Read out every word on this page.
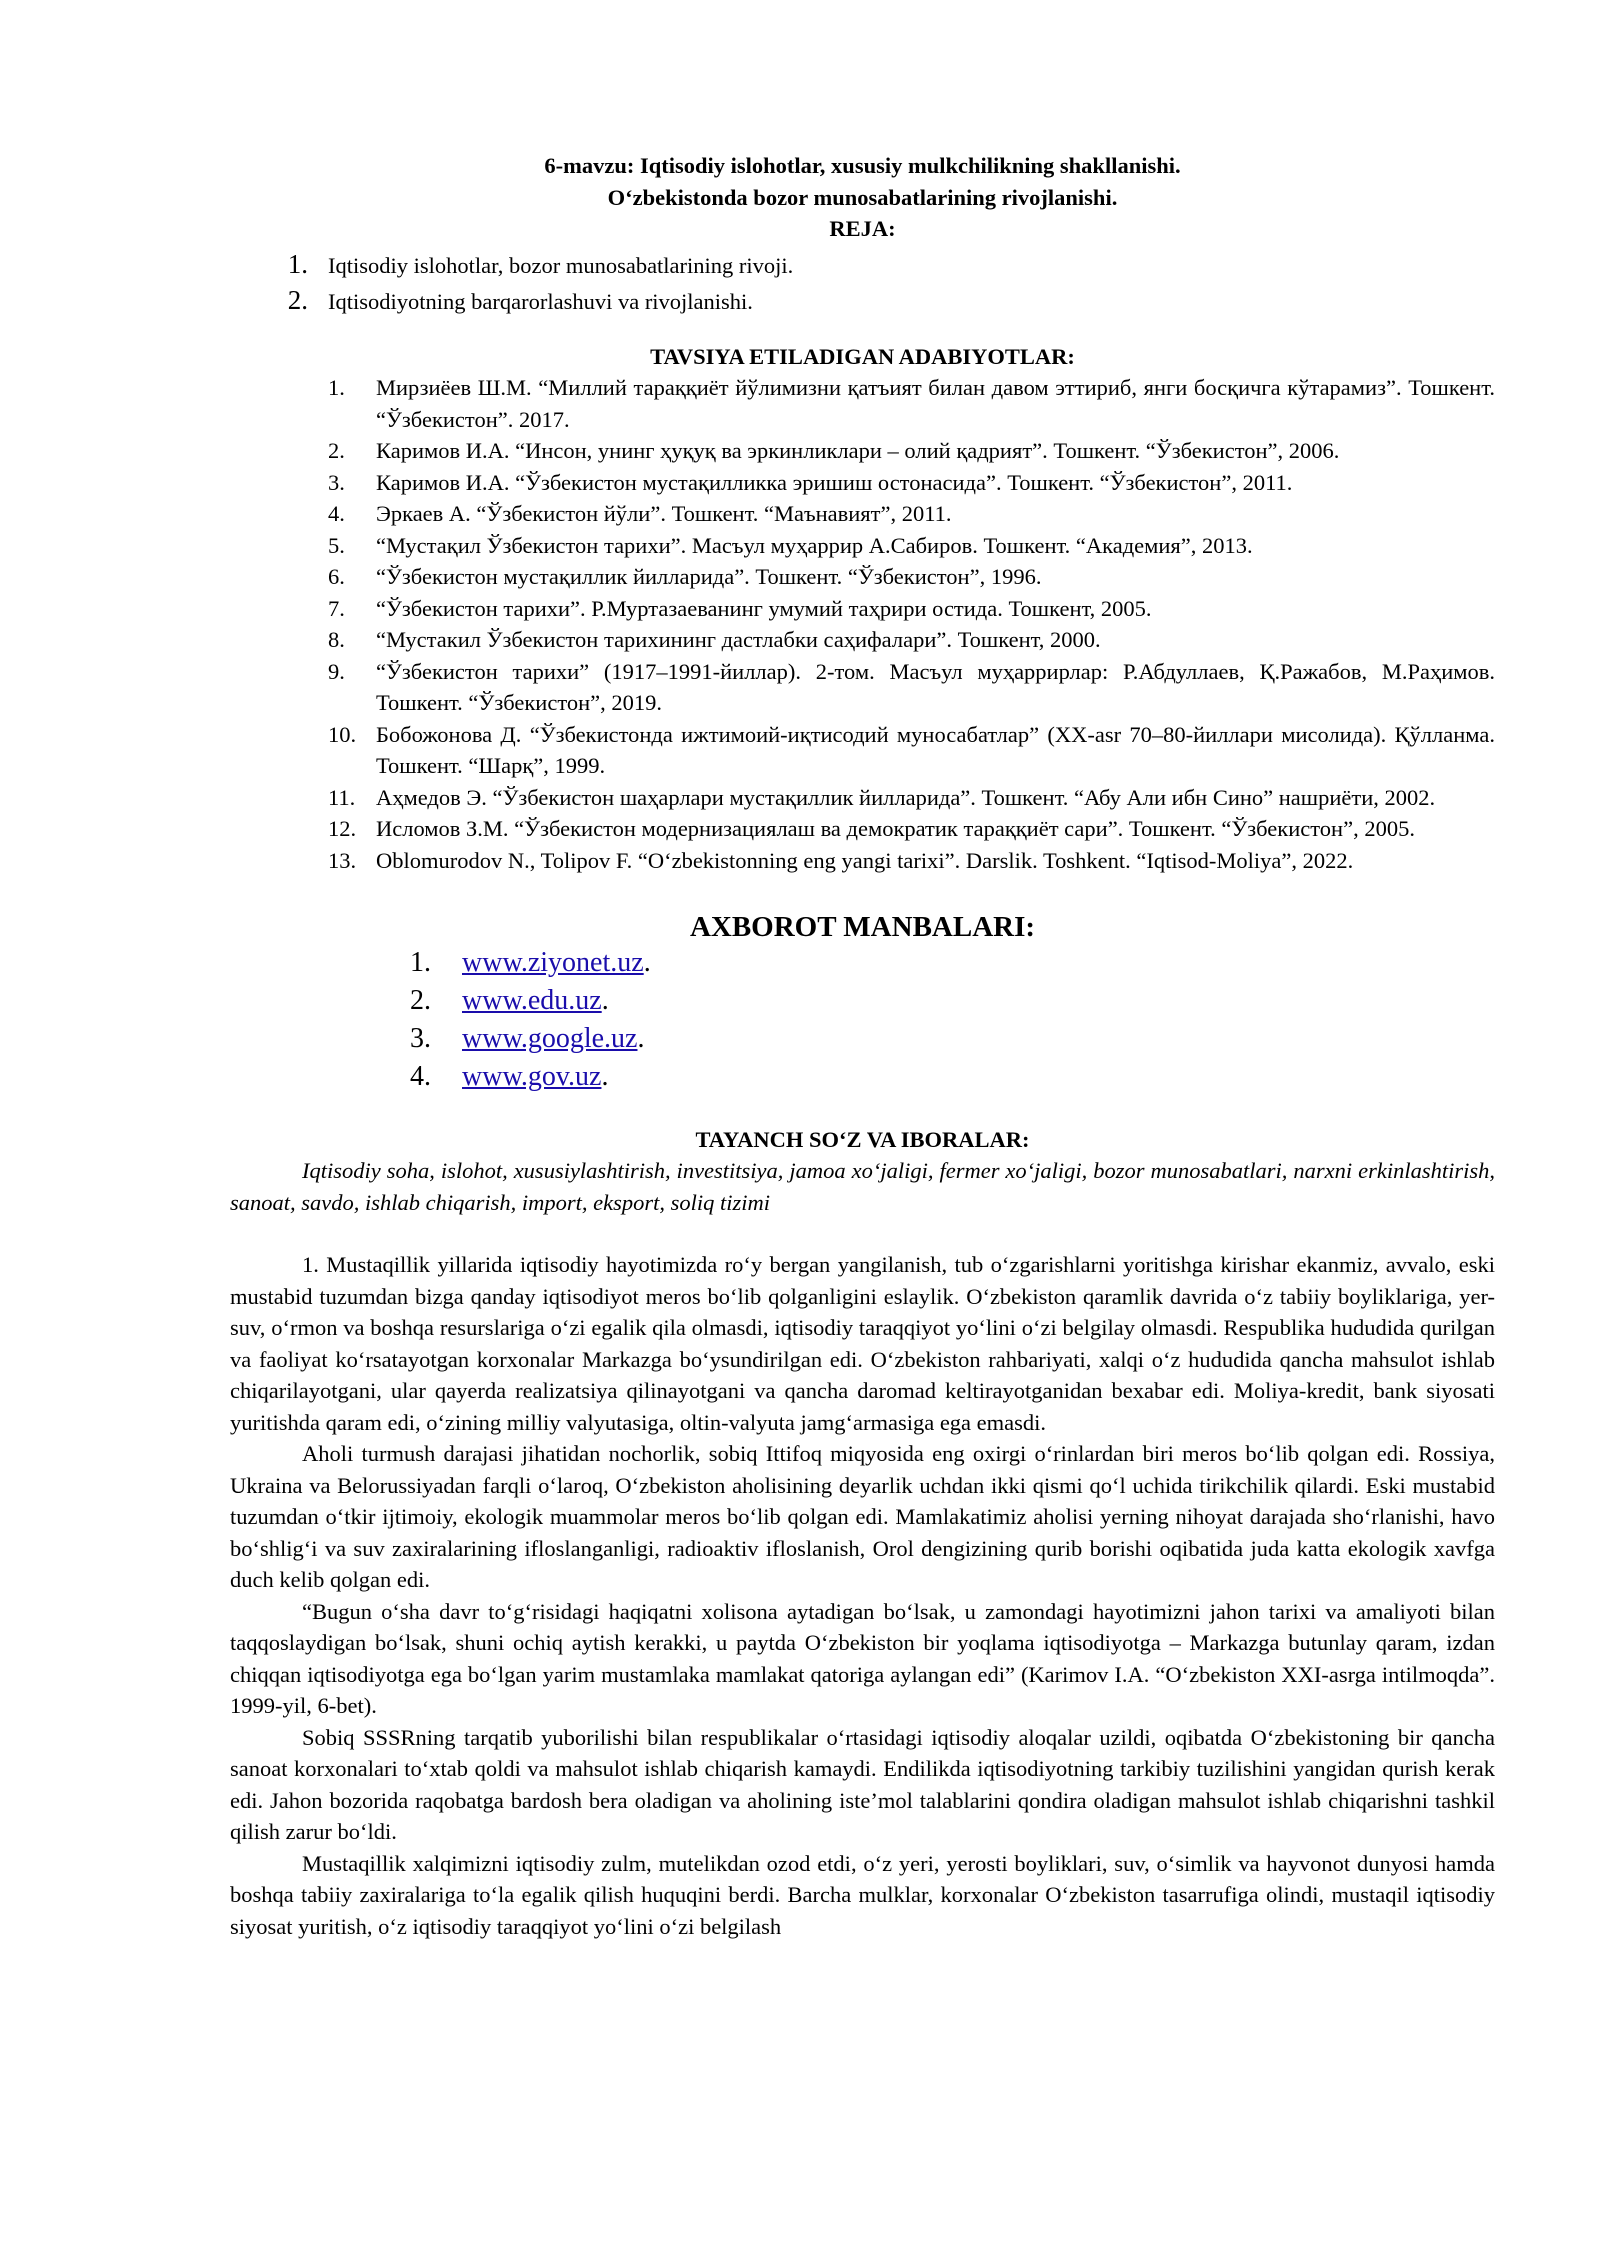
6-mavzu: Iqtisodiy islohotlar, xususiy mulkchilikning shakllanishi.

O‘zbekistonda bozor munosabatlarining rivojlanishi.

REJA:

1. Iqtisodiy islohotlar, bozor munosabatlarining rivoji.
2. Iqtisodiyotning barqarorlashuvi va rivojlanishi.

TAVSIYA ETILADIGAN ADABIYOTLAR:

1.	Мирзиёев Ш.М. “Миллий тараққиёт йўлимизни қатъият билан давом эттириб, янги босқичга кўтарамиз”. Тошкент. “Ўзбекистон”. 2017.
2.	Каримов И.А. “Инсон, унинг ҳуқуқ ва эркинликлари – олий қадрият”. Тошкент. “Ўзбекистон”, 2006.
3.	Каримов И.А. “Ўзбекистон мустақилликка эришиш остонасида”. Тошкент. “Ўзбекистон”, 2011.
4.	Эркаев А. “Ўзбекистон йўли”. Тошкент. “Маънавият”, 2011.
5.	“Мустақил Ўзбекистон тарихи”. Масъул муҳаррир А.Сабиров. Тошкент. “Академия”, 2013.
6.	“Ўзбекистон мустақиллик йилларида”. Тошкент. “Ўзбекистон”, 1996.
7.	“Ўзбекистон тарихи”. Р.Муртазаеванинг умумий таҳрири остида. Тошкент, 2005.
8.	“Мустакил Ўзбекистон тарихининг дастлабки саҳифалари”. Тошкент, 2000.
9.	“Ўзбекистон тарихи” (1917–1991-йиллар). 2-том. Масъул муҳаррирлар: Р.Абдуллаев, Қ.Ражабов, М.Раҳимов. Тошкент. “Ўзбекистон”, 2019.
10. Бобожонова Д. “Ўзбекистонда ижтимоий-иқтисодий муносабатлар” (XX-asr 70–80-йиллари мисолида). Қўлланма. Тошкент. “Шарқ”, 1999.
11. Аҳмедов Э. “Ўзбекистон шаҳарлари мустақиллик йилларида”. Тошкент. “Абу Али ибн Сино” нашриёти, 2002.
12. Исломов З.М. “Ўзбекистон модернизациялаш ва демократик тараққиёт сари”. Тошкент. “Ўзбекистон”, 2005.
13. Oblomurodov N., Tolipov F. “O‘zbekistonning eng yangi tarixi”. Darslik. Toshkent. “Iqtisod-Moliya”, 2022.

AXBOROT MANBALARI:

1.	www.ziyonet.uz .
2.	www.edu.uz .
3.	www.google.uz .
4.	www.gov.uz .

TAYANCH SO‘Z VA IBORALAR:

Iqtisodiy soha, islohot, xususiylashtirish, investitsiya, jamoa xo‘jaligi, fermer xo‘jaligi, bozor munosabatlari, narxni erkinlashtirish, sanoat, savdo, ishlab chiqarish, import, eksport, soliq tizimi

1. Mustaqillik yillarida iqtisodiy hayotimizda ro‘y bergan yangilanish, tub o‘zgarishlarni yoritishga kirishar ekanmiz, avvalo, eski mustabid tuzumdan bizga qanday iqtisodiyot meros bo‘lib qolganligini eslaylik. O‘zbekiston qaramlik davrida o‘z tabiiy boyliklariga, yer-suv, o‘rmon va boshqa resurslariga o‘zi egalik qila olmasdi, iqtisodiy taraqqiyot yo‘lini o‘zi belgilay olmasdi. Respublika hududida qurilgan va faoliyat ko‘rsatayotgan korxonalar Markazga bo‘ysundirilgan edi. O‘zbekiston rahbariyati, xalqi o‘z hududida qancha mahsulot ishlab chiqarilayotgani, ular qayerda realizatsiya qilinayotgani va qancha daromad keltirayotganidan bexabar edi. Moliya-kredit, bank siyosati yuritishda qaram edi, o‘zining milliy valyutasiga, oltin-valyuta jamg‘armasiga ega emasdi.

Aholi turmush darajasi jihatidan nochorlik, sobiq Ittifoq miqyosida eng oxirgi o‘rinlardan biri meros bo‘lib qolgan edi. Rossiya, Ukraina va Belorussiyadan farqli o‘laroq, O‘zbekiston aholisining deyarlik uchdan ikki qismi qo‘l uchida tirikchilik qilardi. Eski mustabid tuzumdan o‘tkir ijtimoiy, ekologik muammolar meros bo‘lib qolgan edi. Mamlakatimiz aholisi yerning nihoyat darajada sho‘rlanishi, havo bo‘shlig‘i va suv zaxiralarining ifloslanganligi, radioaktiv ifloslanish, Orol dengizining qurib borishi oqibatida juda katta ekologik xavfga duch kelib qolgan edi.

“Bugun o‘sha davr to‘g‘risidagi haqiqatni xolisona aytadigan bo‘lsak, u zamondagi hayotimizni jahon tarixi va amaliyoti bilan taqqoslaydigan bo‘lsak, shuni ochiq aytish kerakki, u paytda O‘zbekiston bir yoqlama iqtisodiyotga – Markazga butunlay qaram, izdan chiqqan iqtisodiyotga ega bo‘lgan yarim mustamlaka mamlakat qatoriga aylangan edi” (Karimov I.A. “O‘zbekiston XXI-asrga intilmoqda”. 1999-yil, 6-bet).

Sobiq SSSRning tarqatib yuborilishi bilan respublikalar o‘rtasidagi iqtisodiy aloqalar uzildi, oqibatda O‘zbekistoning bir qancha sanoat korxonalari to‘xtab qoldi va mahsulot ishlab chiqarish kamaydi. Endilikda iqtisodiyotning tarkibiy tuzilishini yangidan qurish kerak edi. Jahon bozorida raqobatga bardosh bera oladigan va aholining iste’mol talablarini qondira oladigan mahsulot ishlab chiqarishni tashkil qilish zarur bo‘ldi.

Mustaqillik xalqimizni iqtisodiy zulm, mutelikdan ozod etdi, o‘z yeri, yerosti boyliklari, suv, o‘simlik va hayvonot dunyosi hamda boshqa tabiiy zaxiralariga to‘la egalik qilish huquqini berdi. Barcha mulklar, korxonalar O‘zbekiston tasarrufiga olindi, mustaqil iqtisodiy siyosat yuritish, o‘z iqtisodiy taraqqiyot yo‘lini o‘zi belgilash
